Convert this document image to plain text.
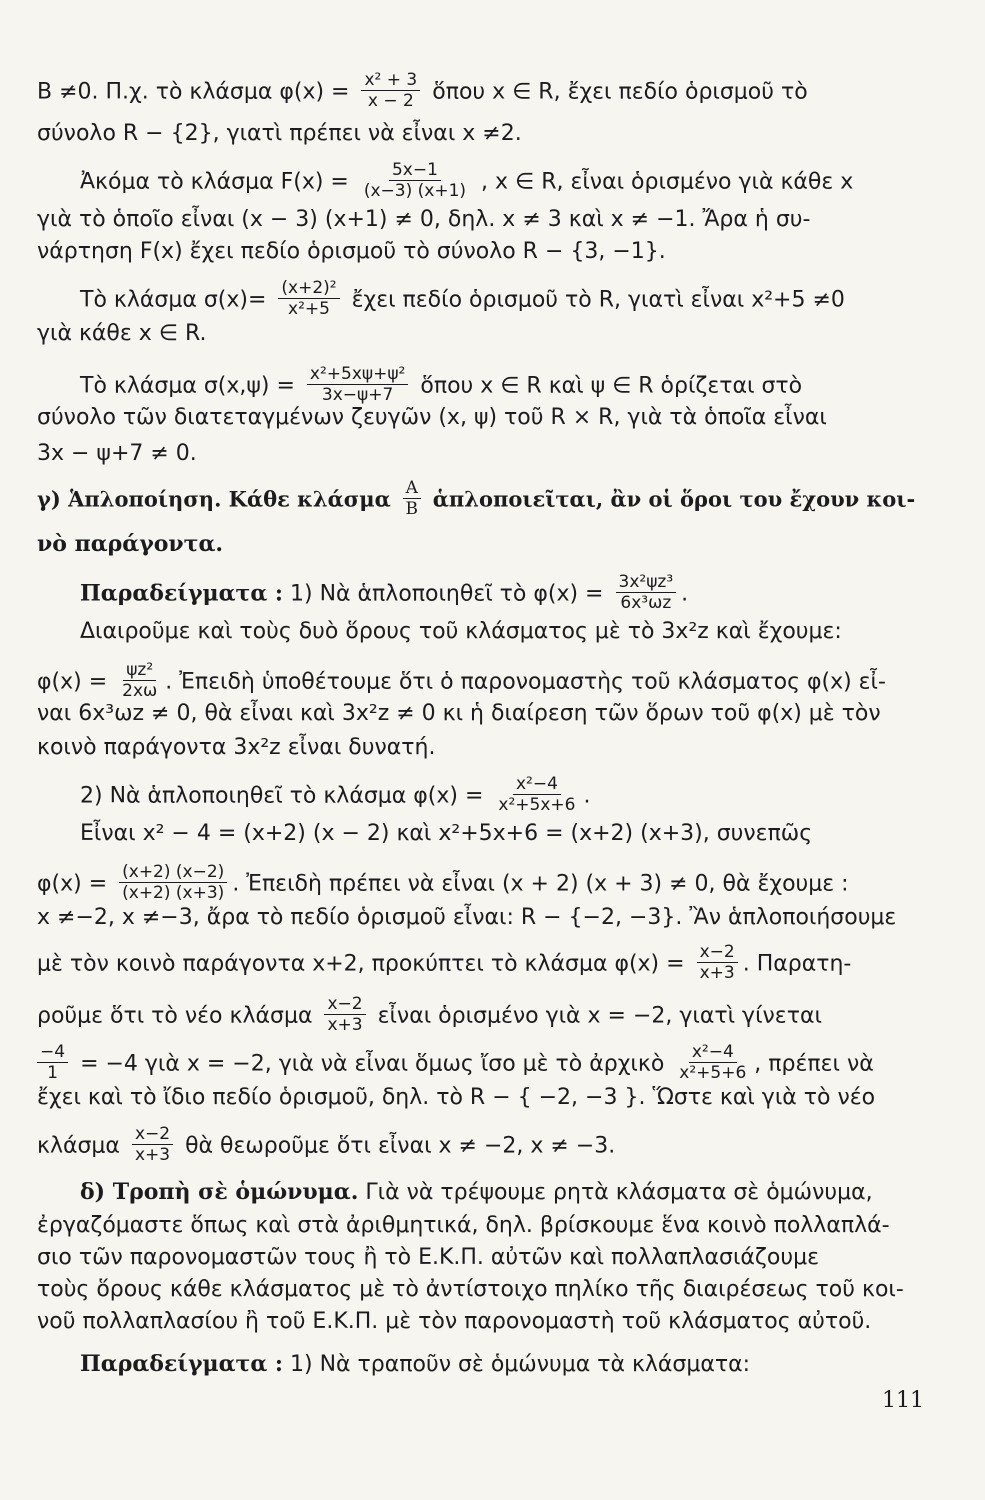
B ≠0. Π.χ. τὸ κλάσμα $\varphi(x) = \frac{\text{x² + 3}}{x - 2}$ ὅπου x ∈ R, ἔχει πεδίο ὁρισμοῦ τὸ
σύνολο R − {2}, γιατὶ πρέπει νὰ εἶναι x ≠2.
Ἀκόμα τὸ κλάσμα $F(x) = \frac{5x-1}{(x-3) (x+1)}$ , x ∈ R, εἶναι ὁρισμένο γιὰ κάθε x
γιὰ τὸ ὁποῖο εἶναι (x − 3) (x+1) ≠ 0, δηλ. x ≠ 3 καὶ x ≠ −1. Ἄρα ἡ συ-
νάρτηση F(x) ἔχει πεδίο ὁρισμοῦ τὸ σύνολο R − {3, −1}.
Τὸ κλάσμα $\sigma(x)= \frac{\text{(x+2)²}}{\text{x²+5}}$ ἔχει πεδίο ὁρισμοῦ τὸ R, γιατὶ εἶναι x²+5 ≠0
γιὰ κάθε x ∈ R.
Τὸ κλάσμα $\sigma(x,\psi) = \frac{\text{x²+5xψ+ψ²}}{3x-\psi+7}$ ὅπου x ∈ R καὶ ψ ∈ R ὁρίζεται στὸ
σύνολο τῶν διατεταγμένων ζευγῶν (x, ψ) τοῦ R × R, γιὰ τὰ ὁποῖα εἶναι
3x − ψ+7 ≠ 0.
γ) Ἁπλοποίηση. Κάθε κλάσμα $\frac{A}{B}$ ἁπλοποιεῖται, ἂν οἱ ὅροι του ἔχουν κοι-
νὸ παράγοντα.
Παραδείγματα : 1) Νὰ ἁπλοποιηθεῖ τὸ $\varphi(x) = \frac{\text{3x²ψz³}}{\text{6x³ωz}}$ .
Διαιροῦμε καὶ τοὺς δυὸ ὅρους τοῦ κλάσματος μὲ τὸ 3x²z καὶ ἔχουμε:
$\varphi(x) = \frac{\text{ψz²}}{2x\omega}$ . Ἐπειδὴ ὑποθέτουμε ὅτι ὁ παρονομαστὴς τοῦ κλάσματος φ(x) εἶ-
ναι 6x³ωz ≠ 0, θὰ εἶναι καὶ 3x²z ≠ 0 κι ἡ διαίρεση τῶν ὅρων τοῦ φ(x) μὲ τὸν
κοινὸ παράγοντα 3x²z εἶναι δυνατή.
2) Νὰ ἁπλοποιηθεῖ τὸ κλάσμα $\varphi(x) = \frac{\text{x²−4}}{\text{x²+5x+6}}$ .
Εἶναι x² − 4 = (x+2) (x − 2) καὶ x²+5x+6 = (x+2) (x+3), συνεπῶς
$\varphi(x) = \frac{(x+2) (x-2)}{(x+2) (x+3)}$ . Ἐπειδὴ πρέπει νὰ εἶναι (x + 2) (x + 3) ≠ 0, θὰ ἔχουμε :
x ≠−2, x ≠−3, ἄρα τὸ πεδίο ὁρισμοῦ εἶναι: R − {−2, −3}. Ἂν ἁπλοποιήσουμε
μὲ τὸν κοινὸ παράγοντα x+2, προκύπτει τὸ κλάσμα $\varphi(x) = \frac{x-2}{x+3}$ . Παρατη-
ροῦμε ὅτι τὸ νέο κλάσμα $\frac{x-2}{x+3}$ εἶναι ὁρισμένο γιὰ x = −2, γιατὶ γίνεται
$\frac{-4}{1} = -4$ γιὰ x = −2, γιὰ νὰ εἶναι ὅμως ἴσο μὲ τὸ ἀρχικὸ $\frac{\text{x²−4}}{\text{x²+5+6}}$ , πρέπει νὰ
ἔχει καὶ τὸ ἴδιο πεδίο ὁρισμοῦ, δηλ. τὸ R − { −2, −3 }. Ὥστε καὶ γιὰ τὸ νέο
κλάσμα $\frac{x-2}{x+3}$ θὰ θεωροῦμε ὅτι εἶναι x ≠ −2, x ≠ −3.
δ) Τροπὴ σὲ ὁμώνυμα. Γιὰ νὰ τρέψουμε ρητὰ κλάσματα σὲ ὁμώνυμα,
ἐργαζόμαστε ὅπως καὶ στὰ ἀριθμητικά, δηλ. βρίσκουμε ἕνα κοινὸ πολλαπλά-
σιο τῶν παρονομαστῶν τους ἢ τὸ Ε.Κ.Π. αὐτῶν καὶ πολλαπλασιάζουμε
τοὺς ὅρους κάθε κλάσματος μὲ τὸ ἀντίστοιχο πηλίκο τῆς διαιρέσεως τοῦ κοι-
νοῦ πολλαπλασίου ἢ τοῦ Ε.Κ.Π. μὲ τὸν παρονομαστὴ τοῦ κλάσματος αὐτοῦ.
Παραδείγματα : 1) Νὰ τραποῦν σὲ ὁμώνυμα τὰ κλάσματα:
111
